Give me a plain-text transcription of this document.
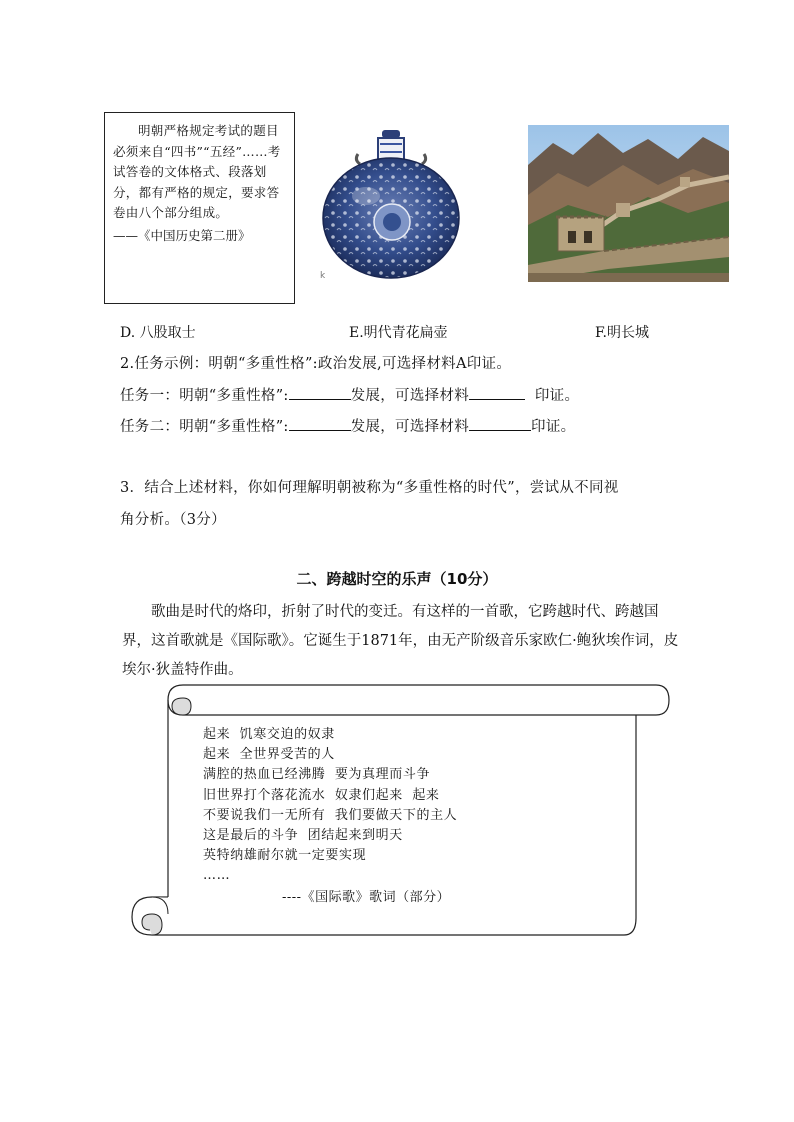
明朝严格规定考试的题目必须来自“四书”“五经”……考试答卷的文体格式、段落划分，都有严格的规定，要求答卷由八个部分组成。
——《中国历史第二册》
k
D. 八股取士	E.明代青花扁壶	F.明长城
2.任务示例：明朝“多重性格”:政治发展,可选择材料A印证。
任务一：明朝“多重性格”:	发展，可选择材料	印证。
任务二：明朝“多重性格”:	发展，可选择材料	印证。
3．结合上述材料，你如何理解明朝被称为“多重性格的时代”，尝试从不同视
角分析。（3分）
二、跨越时空的乐声（10分）
歌曲是时代的烙印，折射了时代的变迁。有这样的一首歌，它跨越时代、跨越国界，这首歌就是《国际歌》。它诞生于1871年，由无产阶级音乐家欧仁·鲍狄埃作词，皮埃尔·狄盖特作曲。
起来  饥寒交迫的奴隶
起来  全世界受苦的人
满腔的热血已经沸腾  要为真理而斗争
旧世界打个落花流水  奴隶们起来  起来
不要说我们一无所有  我们要做天下的主人
这是最后的斗争  团结起来到明天
英特纳雄耐尔就一定要实现
……
----《国际歌》歌词（部分）
